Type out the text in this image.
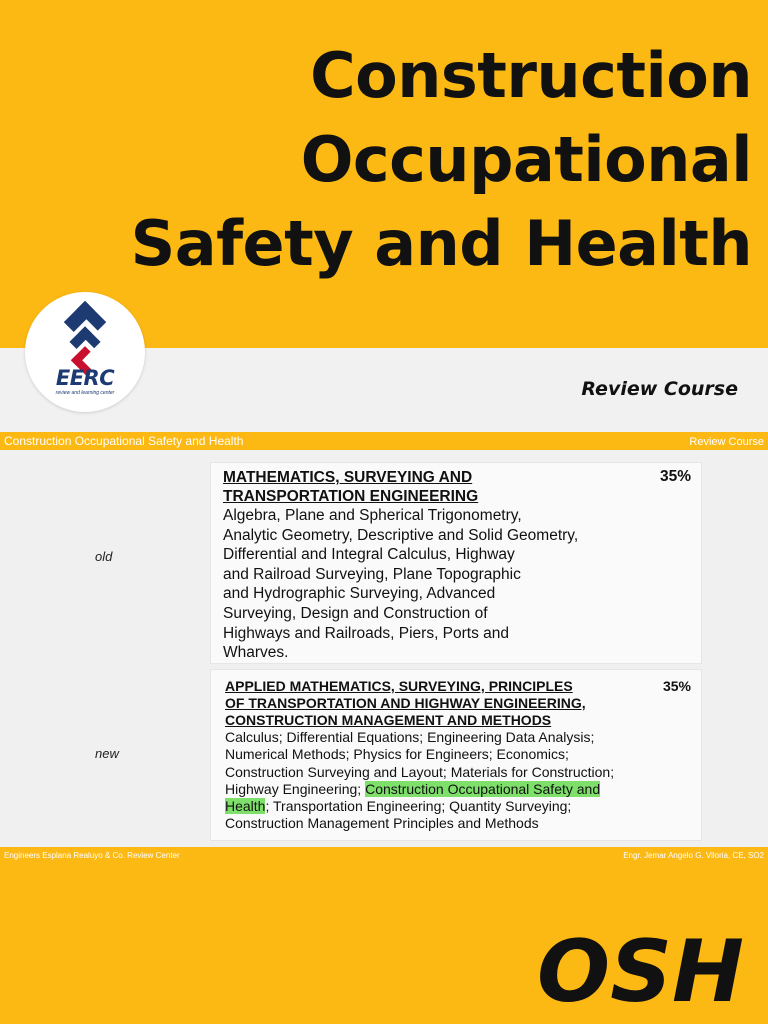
Construction
Occupational
Safety and Health
EERC
review and learning center	Review Course
Construction Occupational Safety and Health	Review Course
old
MATHEMATICS, SURVEYING AND
TRANSPORTATION ENGINEERING
35%
Algebra, Plane and Spherical Trigonometry,
Analytic Geometry, Descriptive and Solid Geometry,
Differential and Integral Calculus, Highway
and Railroad Surveying, Plane Topographic
and Hydrographic Surveying, Advanced
Surveying, Design and Construction of
Highways and Railroads, Piers, Ports and
Wharves.
new
APPLIED MATHEMATICS, SURVEYING, PRINCIPLES
OF TRANSPORTATION AND HIGHWAY ENGINEERING,
CONSTRUCTION MANAGEMENT AND METHODS
35%
Calculus; Differential Equations; Engineering Data Analysis;
Numerical Methods; Physics for Engineers; Economics;
Construction Surveying and Layout; Materials for Construction;
Highway Engineering; Construction Occupational Safety and
Health; Transportation Engineering; Quantity Surveying;
Construction Management Principles and Methods
Engineers Esplana Realuyo & Co. Review Center	Engr. Jemar Angelo G. Viloria, CE, SO2
OSH
